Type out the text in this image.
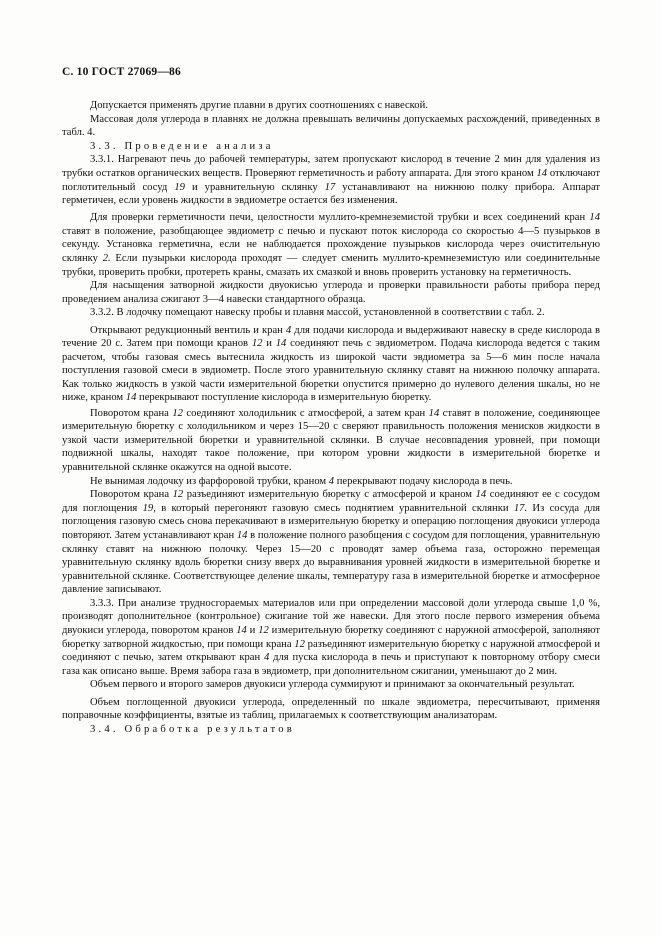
С. 10 ГОСТ 27069—86

Допускается применять другие плавни в других соотношениях с навеской.

Массовая доля углерода в плавнях не должна превышать величины допускаемых расхождений, приведенных в табл. 4.

3.3. Проведение анализа

3.3.1. Нагревают печь до рабочей температуры, затем пропускают кислород в течение 2 мин для удаления из трубки остатков органических веществ. Проверяют герметичность и работу аппарата. Для этого краном 14 отключают поглотительный сосуд 19 и уравнительную склянку 17 устанавливают на нижнюю полку прибора. Аппарат герметичен, если уровень жидкости в эвдиометре остается без изменения.

Для проверки герметичности печи, целостности муллито-кремнеземистой трубки и всех соединений кран 14 ставят в положение, разобщающее эвдиометр с печью и пускают поток кислорода со скоростью 4—5 пузырьков в секунду. Установка герметична, если не наблюдается прохождение пузырьков кислорода через очистительную склянку 2. Если пузырьки кислорода проходят — следует сменить муллито-кремнеземистую или соединительные трубки, проверить пробки, протереть краны, смазать их смазкой и вновь проверить установку на герметичность.

Для насыщения затворной жидкости двуокисью углерода и проверки правильности работы прибора перед проведением анализа сжигают 3—4 навески стандартного образца.

3.3.2. В лодочку помещают навеску пробы и плавня массой, установленной в соответствии с табл. 2.

Открывают редукционный вентиль и кран 4 для подачи кислорода и выдерживают навеску в среде кислорода в течение 20 с. Затем при помощи кранов 12 и 14 соединяют печь с эвдиометром. Подача кислорода ведется с таким расчетом, чтобы газовая смесь вытеснила жидкость из широкой части эвдиометра за 5—6 мин после начала поступления газовой смеси в эвдиометр. После этого уравнительную склянку ставят на нижнюю полочку аппарата. Как только жидкость в узкой части измерительной бюретки опустится примерно до нулевого деления шкалы, но не ниже, краном 14 перекрывают поступление кислорода в измерительную бюретку.

Поворотом крана 12 соединяют холодильник с атмосферой, а затем кран 14 ставят в положение, соединяющее измерительную бюретку с холодильником и через 15—20 с сверяют правильность положения менисков жидкости в узкой части измерительной бюретки и уравнительной склянки. В случае несовпадения уровней, при помощи подвижной шкалы, находят такое положение, при котором уровни жидкости в измерительной бюретке и уравнительной склянке окажутся на одной высоте.

Не вынимая лодочку из фарфоровой трубки, краном 4 перекрывают подачу кислорода в печь.

Поворотом крана 12 разъединяют измерительную бюретку с атмосферой и краном 14 соединяют ее с сосудом для поглощения 19, в который перегоняют газовую смесь поднятием уравнительной склянки 17. Из сосуда для поглощения газовую смесь снова перекачивают в измерительную бюретку и операцию поглощения двуокиси углерода повторяют. Затем устанавливают кран 14 в положение полного разобщения с сосудом для поглощения, уравнительную склянку ставят на нижнюю полочку. Через 15—20 с проводят замер объема газа, осторожно перемещая уравнительную склянку вдоль бюретки снизу вверх до выравнивания уровней жидкости в измерительной бюретке и уравнительной склянке. Соответствующее деление шкалы, температуру газа в измерительной бюретке и атмосферное давление записывают.

3.3.3. При анализе трудносгораемых материалов или при определении массовой доли углерода свыше 1,0 %, производят дополнительное (контрольное) сжигание той же навески. Для этого после первого измерения объема двуокиси углерода, поворотом кранов 14 и 12 измерительную бюретку соединяют с наружной атмосферой, заполняют бюретку затворной жидкостью, при помощи крана 12 разъединяют измерительную бюретку с наружной атмосферой и соединяют с печью, затем открывают кран 4 для пуска кислорода в печь и приступают к повторному отбору смеси газа как описано выше. Время забора газа в эвдиометр, при дополнительном сжигании, уменьшают до 2 мин.

Объем первого и второго замеров двуокиси углерода суммируют и принимают за окончательный результат.

Объем поглощенной двуокиси углерода, определенный по шкале эвдиометра, пересчитывают, применяя поправочные коэффициенты, взятые из таблиц, прилагаемых к соответствующим анализаторам.

3.4. Обработка результатов
